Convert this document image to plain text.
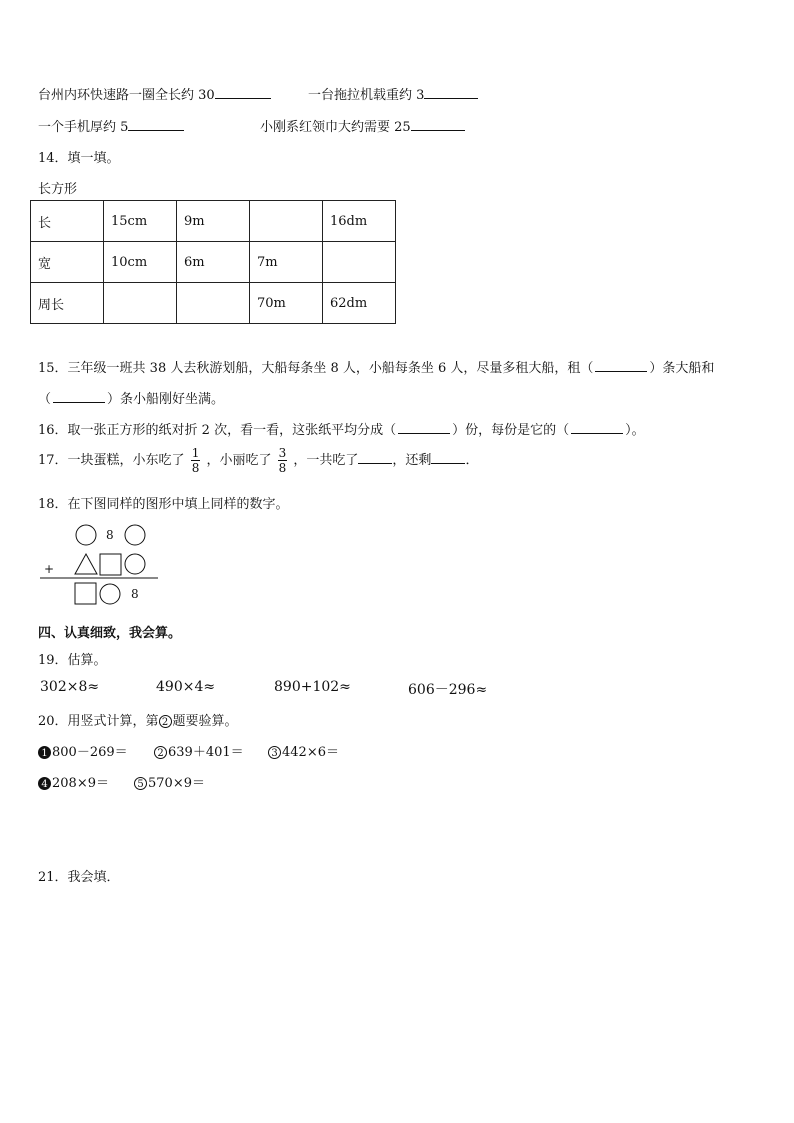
台州内环快速路一圈全长约 30	一台拖拉机载重约 3
一个手机厚约 5	小刚系红领巾大约需要 25
14．填一填。
长方形
长	15cm	9m		16dm
宽	10cm	6m	7m	
周长			70m	62dm
15．三年级一班共 38 人去秋游划船，大船每条坐 8 人，小船每条坐 6 人，尽量多租大船，租（	）条大船和
（	）条小船刚好坐满。
16．取一张正方形的纸对折 2 次，看一看，这张纸平均分成（	）份，每份是它的（	）。
17．一块蛋糕，小东吃了 $\frac{1}{8}$ ，小丽吃了 $\frac{3}{8}$ ，一共吃了	，还剩	．
18．在下图同样的图形中填上同样的数字。
8
8
+
四、认真细致，我会算。
19．估算。
302×8≈	490×4≈	890+102≈	606－296≈
20．用竖式计算，第 2 题要验算。
1 800－269＝	2 639＋401＝	3 442×6＝
4 208×9＝	5 570×9＝
21．我会填．
